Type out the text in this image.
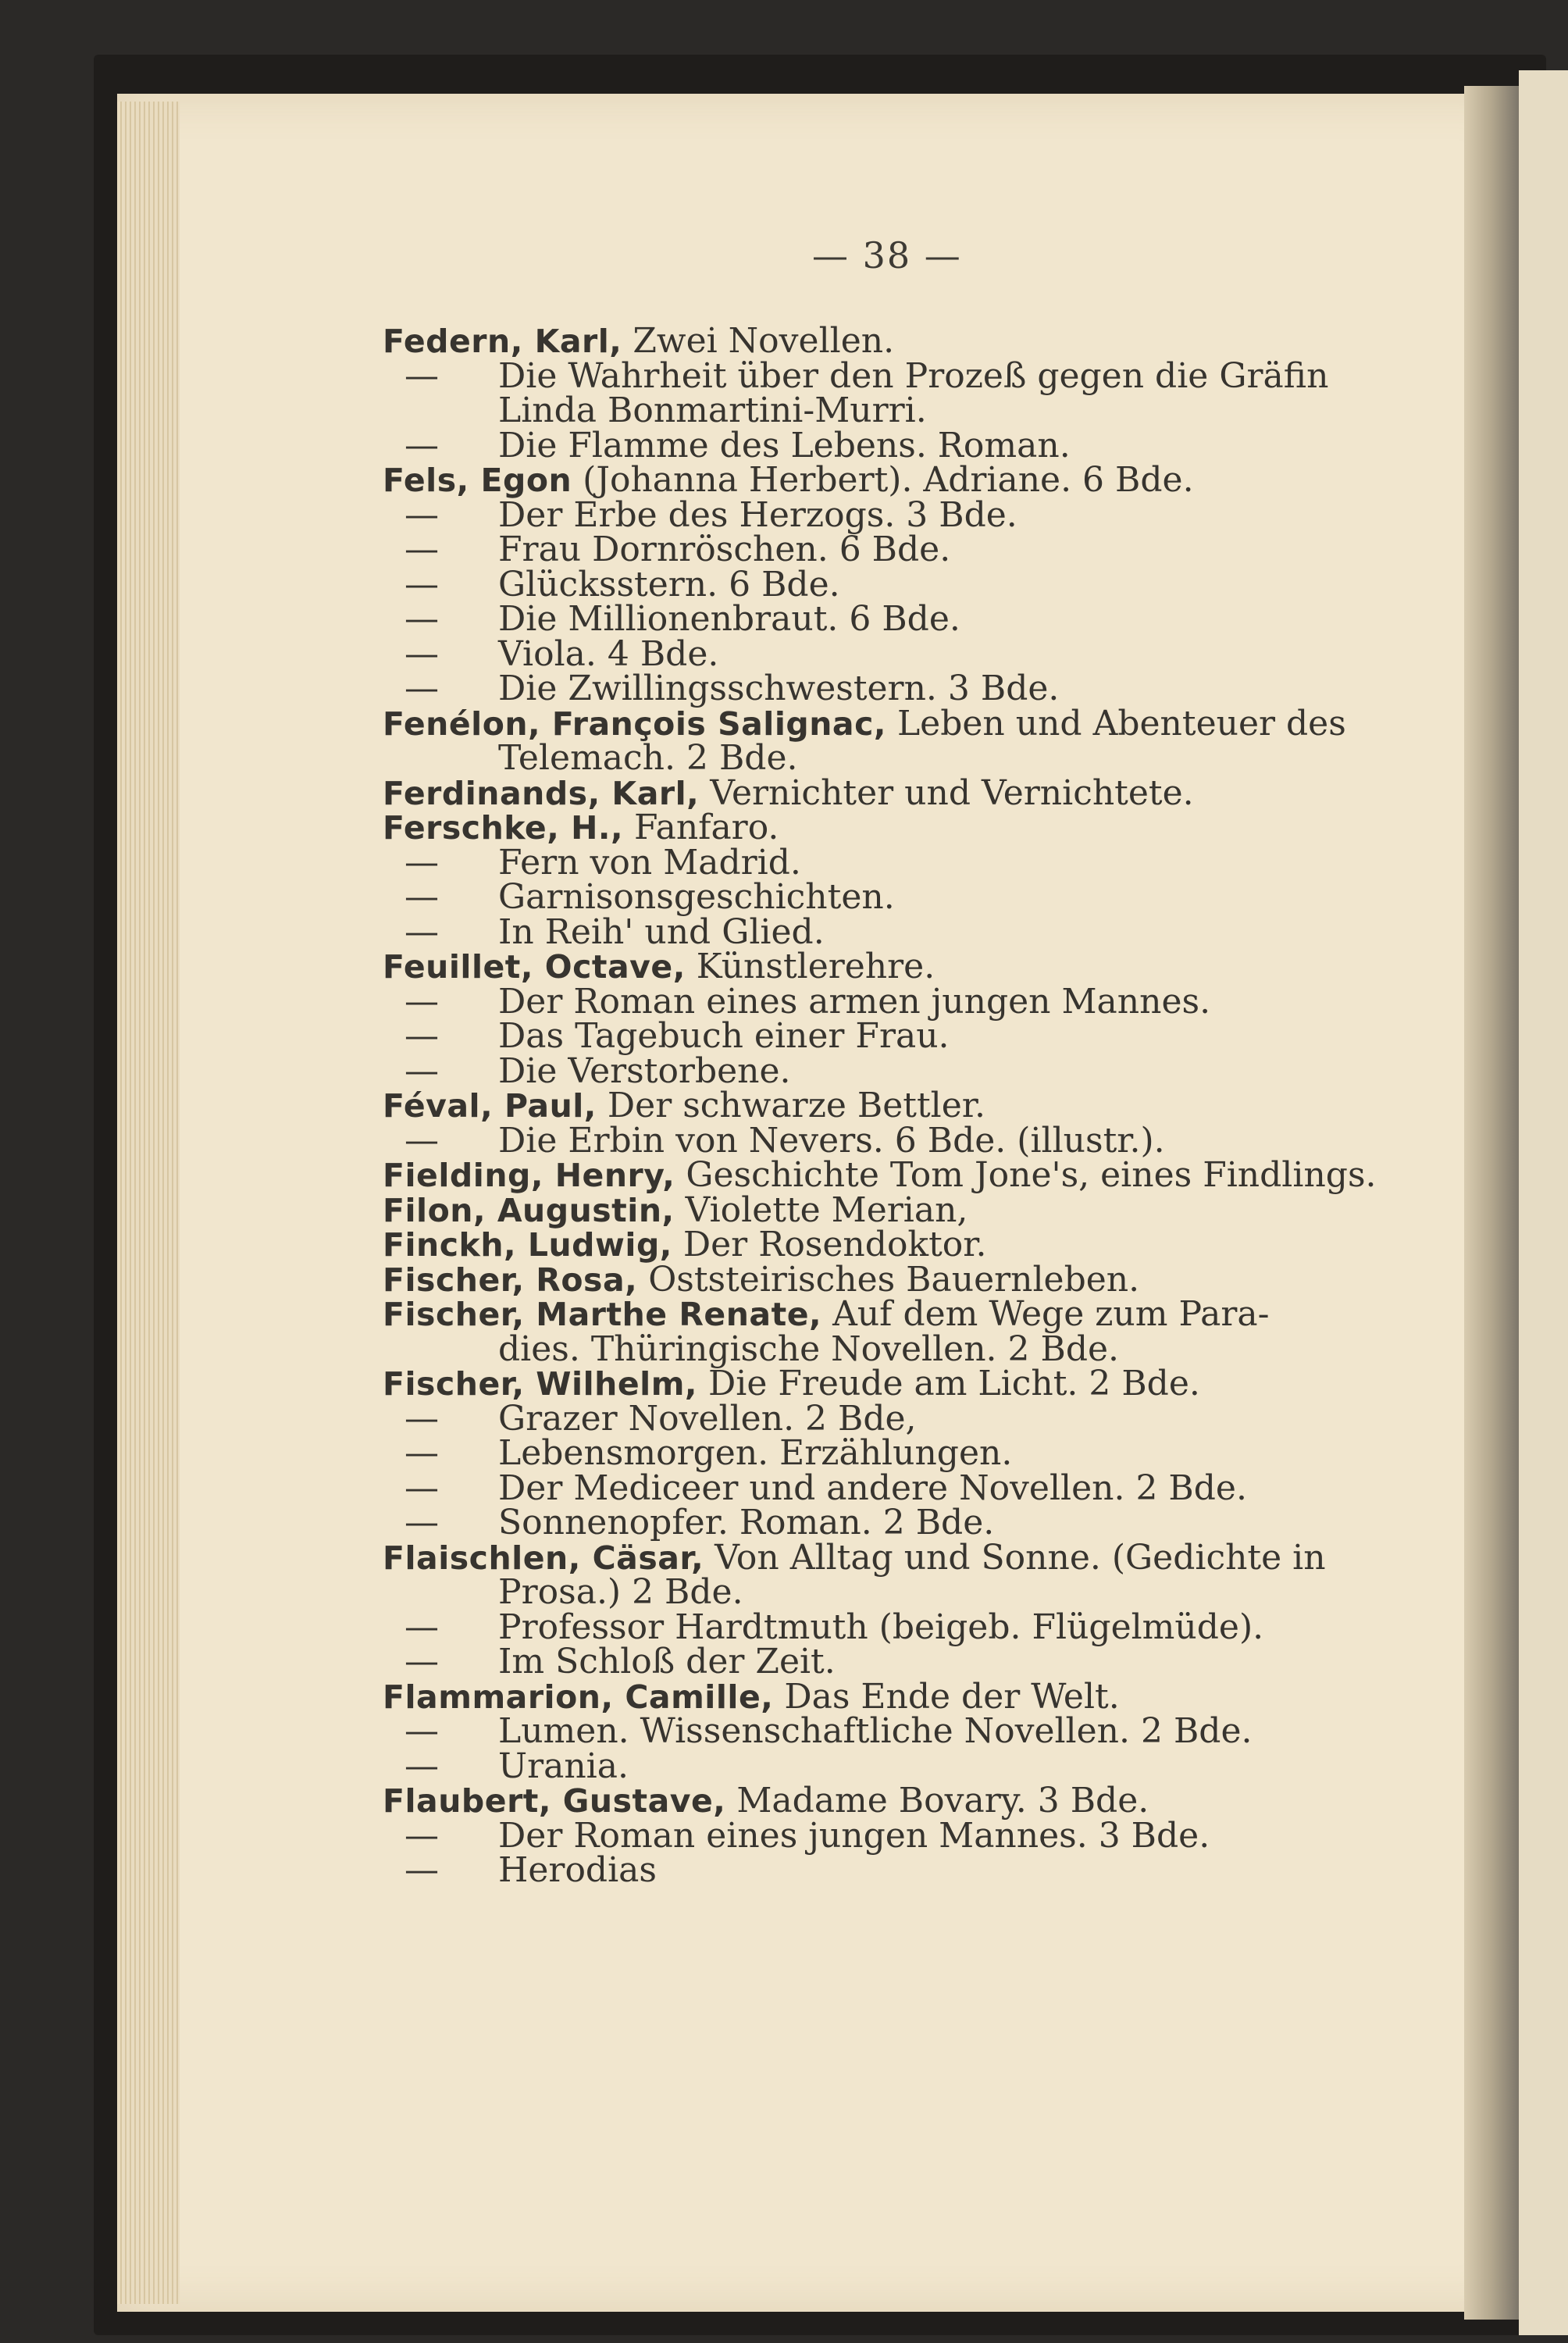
— 38 —
Federn, Karl, Zwei Novellen.
—	Die Wahrheit über den Prozeß gegen die Gräfin
Linda Bonmartini-Murri.
—	Die Flamme des Lebens. Roman.
Fels, Egon (Johanna Herbert). Adriane. 6 Bde.
—	Der Erbe des Herzogs. 3 Bde.
—	Frau Dornröschen. 6 Bde.
—	Glücksstern. 6 Bde.
—	Die Millionenbraut. 6 Bde.
—	Viola. 4 Bde.
—	Die Zwillingsschwestern. 3 Bde.
Fenélon, François Salignac, Leben und Abenteuer des
Telemach. 2 Bde.
Ferdinands, Karl, Vernichter und Vernichtete.
Ferschke, H., Fanfaro.
—	Fern von Madrid.
—	Garnisonsgeschichten.
—	In Reih' und Glied.
Feuillet, Octave, Künstlerehre.
—	Der Roman eines armen jungen Mannes.
—	Das Tagebuch einer Frau.
—	Die Verstorbene.
Féval, Paul, Der schwarze Bettler.
—	Die Erbin von Nevers. 6 Bde. (illustr.).
Fielding, Henry, Geschichte Tom Jone's, eines Findlings.
Filon, Augustin, Violette Merian,
Finckh, Ludwig, Der Rosendoktor.
Fischer, Rosa, Oststeirisches Bauernleben.
Fischer, Marthe Renate, Auf dem Wege zum Para-
dies. Thüringische Novellen. 2 Bde.
Fischer, Wilhelm, Die Freude am Licht. 2 Bde.
—	Grazer Novellen. 2 Bde,
—	Lebensmorgen. Erzählungen.
—	Der Mediceer und andere Novellen. 2 Bde.
—	Sonnenopfer. Roman. 2 Bde.
Flaischlen, Cäsar, Von Alltag und Sonne. (Gedichte in
Prosa.) 2 Bde.
—	Professor Hardtmuth (beigeb. Flügelmüde).
—	Im Schloß der Zeit.
Flammarion, Camille, Das Ende der Welt.
—	Lumen. Wissenschaftliche Novellen. 2 Bde.
—	Urania.
Flaubert, Gustave, Madame Bovary. 3 Bde.
—	Der Roman eines jungen Mannes. 3 Bde.
—	Herodias
